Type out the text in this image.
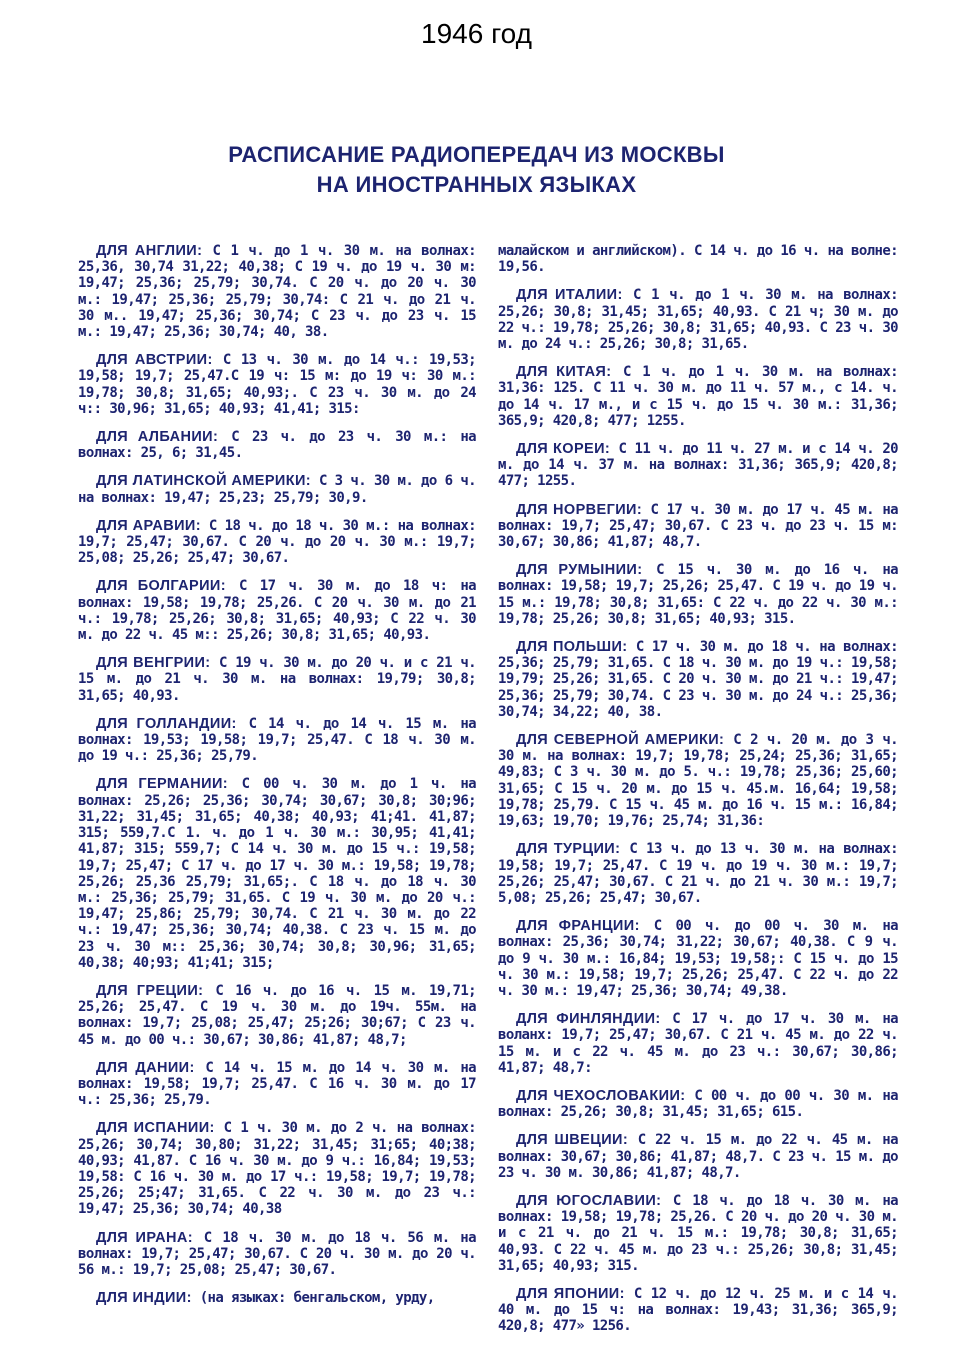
1946 год
РАСПИСАНИЕ РАДИОПЕРЕДАЧ ИЗ МОСКВЫ
НА ИНОСТРАННЫХ ЯЗЫКАХ
ДЛЯ АНГЛИИ: С 1 ч. до 1 ч. 30 м. на волнах: 25,36, 30,74 31,22; 40,38; С 19 ч. до 19 ч. 30 м: 19,47; 25,36; 25,79; 30,74. С 20 ч. до 20 ч. 30 м.: 19,47; 25,36; 25,79; 30,74: С 21 ч. до 21 ч. 30 м.. 19,47; 25,36; 30,74; С 23 ч. до 23 ч. 15 м.: 19,47; 25,36; 30,74; 40, 38.
ДЛЯ АВСТРИИ: С 13 ч. 30 м. до 14 ч.: 19,53; 19,58; 19,7; 25,47.С 19 ч: 15 м: до 19 ч: 30 м.: 19,78; 30,8; 31,65; 40,93;. С 23 ч. 30 м. до 24 ч:: 30,96; 31,65; 40,93; 41,41; 315:
ДЛЯ АЛБАНИИ: С 23 ч. до 23 ч. 30 м.: на волнах: 25, 6; 31,45.
ДЛЯ ЛАТИНСКОЙ АМЕРИКИ: С 3 ч. 30 м. до 6 ч. на волнах: 19,47; 25,23; 25,79; 30,9.
ДЛЯ АРАВИИ: С 18 ч. до 18 ч. 30 м.: на волнах: 19,7; 25,47; 30,67. С 20 ч. до 20 ч. 30 м.: 19,7; 25,08; 25,26; 25,47; 30,67.
ДЛЯ БОЛГАРИИ: С 17 ч. 30 м. до 18 ч: на волнах: 19,58; 19,78; 25,26. С 20 ч. 30 м. до 21 ч.: 19,78; 25,26; 30,8; 31,65; 40,93; С 22 ч. 30 м. до 22 ч. 45 м:: 25,26; 30,8; 31,65; 40,93.
ДЛЯ ВЕНГРИИ: С 19 ч. 30 м. до 20 ч. и с 21 ч. 15 м. до 21 ч. 30 м. на волнах: 19,79; 30,8; 31,65; 40,93.
ДЛЯ ГОЛЛАНДИИ: С 14 ч. до 14 ч. 15 м. на волнах: 19,53; 19,58; 19,7; 25,47. С 18 ч. 30 м. до 19 ч.: 25,36; 25,79.
ДЛЯ ГЕРМАНИИ: С 00 ч. 30 м. до 1 ч. на волнах: 25,26; 25,36; 30,74; 30,67; 30,8; 30;96; 31,22; 31,45; 31,65; 40,38; 40,93; 41;41. 41,87; 315; 559,7.С 1. ч. до 1 ч. 30 м.: 30,95; 41,41; 41,87; 315; 559,7; С 14 ч. 30 м. до 15 ч.: 19,58; 19,7; 25,47; С 17 ч. до 17 ч. 30 м.: 19,58; 19,78; 25,26; 25,36 25,79; 31,65;. С 18 ч. до 18 ч. 30 м.: 25,36; 25,79; 31,65. С 19 ч. 30 м. до 20 ч.: 19,47; 25,86; 25,79; 30,74. С 21 ч. 30 м. до 22 ч.: 19,47; 25,36; 30,74; 40,38. С 23 ч. 15 м. до 23 ч. 30 м:: 25,36; 30,74; 30,8; 30,96; 31,65; 40,38; 40;93; 41;41; 315;
ДЛЯ ГРЕЦИИ: С 16 ч. до 16 ч. 15 м. 19,71; 25,26; 25,47. С 19 ч. 30 м. до 19ч. 55м. на волнах: 19,7; 25,08; 25,47; 25;26; 30;67; С 23 ч. 45 м. до 00 ч.: 30,67; 30,86; 41,87; 48,7;
ДЛЯ ДАНИИ: С 14 ч. 15 м. до 14 ч. 30 м. на волнах: 19,58; 19,7; 25,47. С 16 ч. 30 м. до 17 ч.: 25,36; 25,79.
ДЛЯ ИСПАНИИ: С 1 ч. 30 м. до 2 ч. на волнах: 25,26; 30,74; 30,80; 31,22; 31,45; 31;65; 40;38; 40,93; 41,87. С 16 ч. 30 м. до 9 ч.: 16,84; 19,53; 19,58: С 16 ч. 30 м. до 17 ч.: 19,58; 19,7; 19,78; 25,26; 25;47; 31,65. С 22 ч. 30 м. до 23 ч.: 19,47; 25,36; 30,74; 40,38
ДЛЯ ИРАНА: С 18 ч. 30 м. до 18 ч. 56 м. на волнах: 19,7; 25,47; 30,67. С 20 ч. 30 м. до 20 ч. 56 м.: 19,7; 25,08; 25,47; 30,67.
ДЛЯ ИНДИИ: (на языках: бенгальском, урду,
малайском и английском). С 14 ч. до 16 ч. на волне: 19,56.
ДЛЯ ИТАЛИИ: С 1 ч. до 1 ч. 30 м. на волнах: 25,26; 30,8; 31,45; 31,65; 40,93. С 21 ч; 30 м. до 22 ч.: 19,78; 25,26; 30,8; 31,65; 40,93. С 23 ч. 30 м. до 24 ч.: 25,26; 30,8; 31,65.
ДЛЯ КИТАЯ: С 1 ч. до 1 ч. 30 м. на волнах: 31,36: 125. С 11 ч. 30 м. до 11 ч. 57 м., с 14. ч. до 14 ч. 17 м., и с 15 ч. до 15 ч. 30 м.: 31,36; 365,9; 420,8; 477; 1255.
ДЛЯ КОРЕИ: С 11 ч. до 11 ч. 27 м. и с 14 ч. 20 м. до 14 ч. 37 м. на волнах: 31,36; 365,9; 420,8; 477; 1255.
ДЛЯ НОРВЕГИИ: С 17 ч. 30 м. до 17 ч. 45 м. на волнах: 19,7; 25,47; 30,67. С 23 ч. до 23 ч. 15 м: 30,67; 30,86; 41,87; 48,7.
ДЛЯ РУМЫНИИ: С 15 ч. 30 м. до 16 ч. на волнах: 19,58; 19,7; 25,26; 25,47. С 19 ч. до 19 ч. 15 м.: 19,78; 30,8; 31,65: С 22 ч. до 22 ч. 30 м.: 19,78; 25,26; 30,8; 31,65; 40,93; 315.
ДЛЯ ПОЛЬШИ: С 17 ч. 30 м. до 18 ч. на волнах: 25,36; 25,79; 31,65. С 18 ч. 30 м. до 19 ч.: 19,58; 19,79; 25,26; 31,65. С 20 ч. 30 м. до 21 ч.: 19,47; 25,36; 25,79; 30,74. С 23 ч. 30 м. до 24 ч.: 25,36; 30,74; 34,22; 40, 38.
ДЛЯ СЕВЕРНОЙ АМЕРИКИ: С 2 ч. 20 м. до 3 ч. 30 м. на волнах: 19,7; 19,78; 25,24; 25,36; 31,65; 49,83; С 3 ч. 30 м. до 5. ч.: 19,78; 25,36; 25,60; 31,65; С 15 ч. 20 м. до 15 ч. 45.м. 16,64; 19,58; 19,78; 25,79. С 15 ч. 45 м. до 16 ч. 15 м.: 16,84; 19,63; 19,70; 19,76; 25,74; 31,36:
ДЛЯ ТУРЦИИ: С 13 ч. до 13 ч. 30 м. на волнах: 19,58; 19,7; 25,47. С 19 ч. до 19 ч. 30 м.: 19,7; 25,26; 25,47; 30,67. С 21 ч. до 21 ч. 30 м.: 19,7; 5,08; 25,26; 25,47; 30,67.
ДЛЯ ФРАНЦИИ: С 00 ч. до 00 ч. 30 м. на волнах: 25,36; 30,74; 31,22; 30,67; 40,38. С 9 ч. до 9 ч. 30 м.: 16,84; 19,53; 19,58;: С 15 ч. до 15 ч. 30 м.: 19,58; 19,7; 25,26; 25,47. С 22 ч. до 22 ч. 30 м.: 19,47; 25,36; 30,74; 49,38.
ДЛЯ ФИНЛЯНДИИ: С 17 ч. до 17 ч. 30 м. на воланх: 19,7; 25,47; 30,67. С 21 ч. 45 м. до 22 ч. 15 м. и с 22 ч. 45 м. до 23 ч.: 30,67; 30,86; 41,87; 48,7:
ДЛЯ ЧЕХОСЛОВАКИИ: С 00 ч. до 00 ч. 30 м. на волнах: 25,26; 30,8; 31,45; 31,65; 615.
ДЛЯ ШВЕЦИИ: С 22 ч. 15 м. до 22 ч. 45 м. на волнах: 30,67; 30,86; 41,87; 48,7. С 23 ч. 15 м. до 23 ч. 30 м. 30,86; 41,87; 48,7.
ДЛЯ ЮГОСЛАВИИ: С 18 ч. до 18 ч. 30 м. на волнах: 19,58; 19,78; 25,26. С 20 ч. до 20 ч. 30 м. и с 21 ч. до 21 ч. 15 м.: 19,78; 30,8; 31,65; 40,93. С 22 ч. 45 м. до 23 ч.: 25,26; 30,8; 31,45; 31,65; 40,93; 315.
ДЛЯ ЯПОНИИ: С 12 ч. до 12 ч. 25 м. и с 14 ч. 40 м. до 15 ч: на волнах: 19,43; 31,36; 365,9; 420,8; 477» 1256.
